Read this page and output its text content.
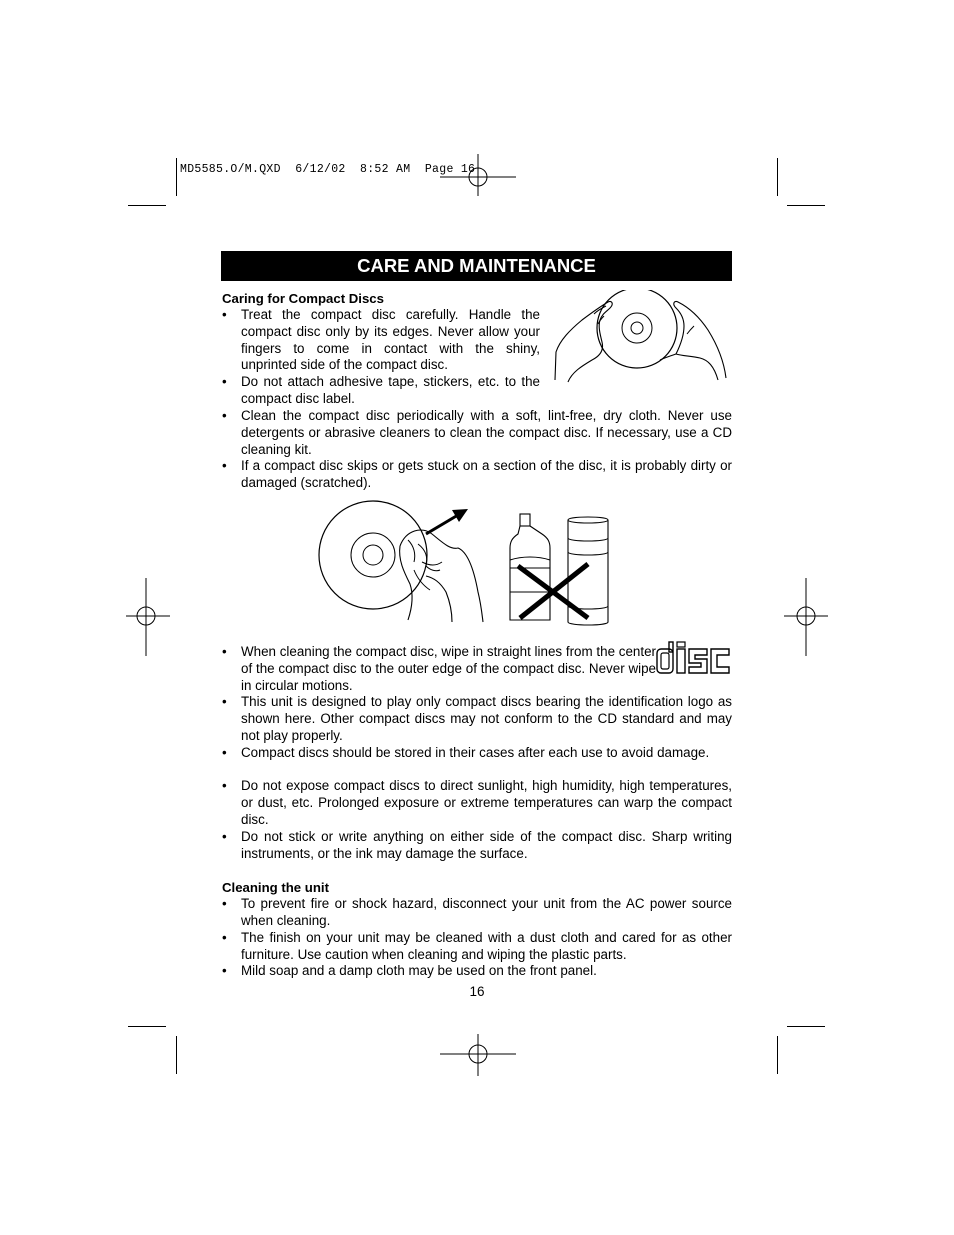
MD5585.O/M.QXD  6/12/02  8:52 AM  Page 16
CARE AND MAINTENANCE
Caring for Compact Discs
• Treat the compact disc carefully. Handle the compact disc only by its edges. Never allow your fingers to come in contact with the shiny, unprinted side of the compact disc.
• Do not attach adhesive tape, stickers, etc. to the compact disc label.
• Clean the compact disc periodically with a soft, lint-free, dry cloth. Never use detergents or abrasive cleaners to clean the compact disc. If necessary, use a CD cleaning kit.
• If a compact disc skips or gets stuck on a section of the disc, it is probably dirty or damaged (scratched).
• When cleaning the compact disc, wipe in straight lines from the center of the compact disc to the outer edge of the compact disc. Never wipe in circular motions.
• This unit is designed to play only compact discs bearing the identification logo as shown here. Other compact discs may not conform to the CD standard and may not play properly.
• Compact discs should be stored in their cases after each use to avoid damage.
• Do not expose compact discs to direct sunlight, high humidity, high temperatures, or dust, etc. Prolonged exposure or extreme temperatures can warp the compact disc.
• Do not stick or write anything on either side of the compact disc. Sharp writing instruments, or the ink may damage the surface.
Cleaning the unit
• To prevent fire or shock hazard, disconnect your unit from the AC power source when cleaning.
• The finish on your unit may be cleaned with a dust cloth and cared for as other furniture. Use caution when cleaning and wiping the plastic parts.
• Mild soap and a damp cloth may be used on the front panel.
disc
16
